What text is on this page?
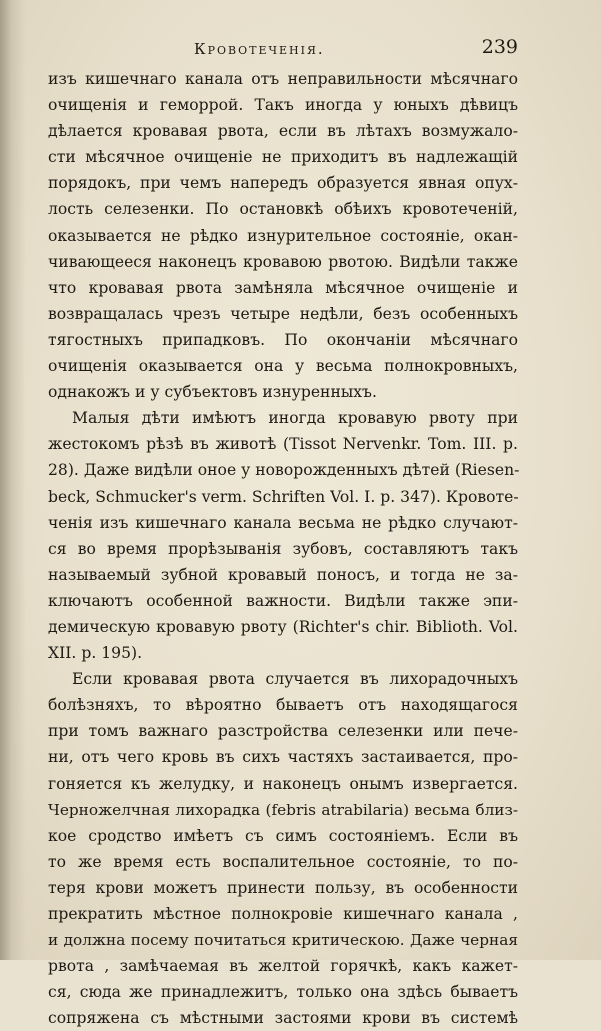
Кровотеченія.	239
изъ кишечнаго канала отъ неправильности мѣсячнаго
очищенія и геморрой. Такъ иногда у юныхъ дѣвицъ
дѣлается кровавая рвота, если въ лѣтахъ возмужало-
сти мѣсячное очищеніе не приходитъ въ надлежащій
порядокъ, при чемъ напередъ образуется явная опух-
лость селезенки. По остановкѣ обѣихъ кровотеченій,
оказывается не рѣдко изнурительное состояніе, окан-
чивающееся наконецъ кровавою рвотою. Видѣли также
что кровавая рвота замѣняла мѣсячное очищеніе и
возвращалась чрезъ четыре недѣли, безъ особенныхъ
тягостныхъ припадковъ. По окончаніи мѣсячнаго
очищенія оказывается она у весьма полнокровныхъ,
однакожъ и у субъектовъ изнуренныхъ.
Малыя дѣти имѣютъ иногда кровавую рвоту при
жестокомъ рѣзѣ въ животѣ (Tissot Nervenkr. Tom. III. p.
28). Даже видѣли оное у новорожденныхъ дѣтей (Riesen-
beck, Schmucker's verm. Schriften Vol. I. p. 347). Кровоте-
ченія изъ кишечнаго канала весьма не рѣдко случают-
ся во время прорѣзыванія зубовъ, составляютъ такъ
называемый зубной кровавый поносъ, и тогда не за-
ключаютъ особенной важности. Видѣли также эпи-
демическую кровавую рвоту (Richter's chir. Biblioth. Vol.
XII. p. 195).
Если кровавая рвота случается въ лихорадочныхъ
болѣзняхъ, то вѣроятно бываетъ отъ находящагося
при томъ важнаго разстройства селезенки или пече-
ни, отъ чего кровь въ сихъ частяхъ застаивается, про-
гоняется къ желудку, и наконецъ онымъ извергается.
Черножелчная лихорадка (febris atrabilaria) весьма близ-
кое сродство имѣетъ съ симъ состояніемъ. Если въ
то же время есть воспалительное состояніе, то по-
теря крови можетъ принести пользу, въ особенности
прекратить мѣстное полнокровіе кишечнаго канала ,
и должна посему почитаться критическою. Даже черная
рвота , замѣчаемая въ желтой горячкѣ, какъ кажет-
ся, сюда же принадлежитъ, только она здѣсь бываетъ
сопряжена съ мѣстными застоями крови въ системѣ
